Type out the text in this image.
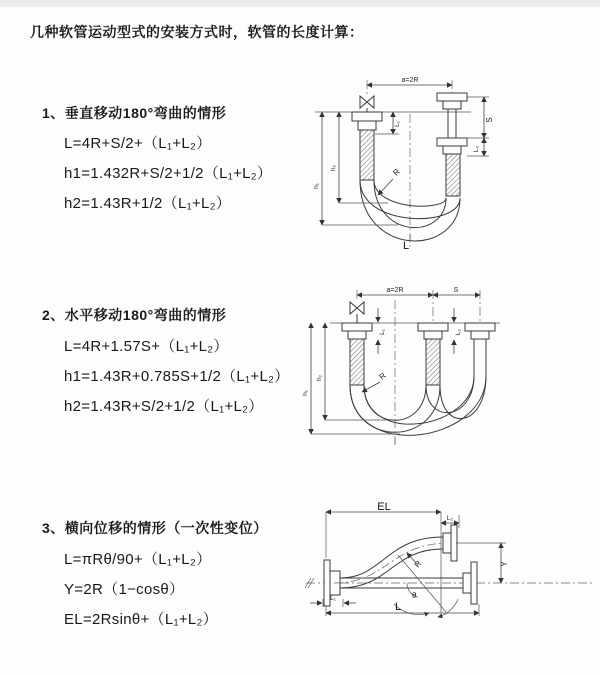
几种软管运动型式的安装方式时，软管的长度计算：
1、垂直移动180°弯曲的情形
L=4R+S/2+（L₁+L₂）
h1=1.432R+S/2+1/2（L₁+L₂）
h2=1.43R+1/2（L₁+L₂）
2、水平移动180°弯曲的情形
L=4R+1.57S+（L₁+L₂）
h1=1.43R+0.785S+1/2（L₁+L₂）
h2=1.43R+S/2+1/2（L₁+L₂）
3、横向位移的情形（一次性变位）
L=πRθ/90+（L₁+L₂）
Y=2R（1−cosθ）
EL=2Rsinθ+（L₁+L₂）
a=2R
S
L₂
L₁
h₁
h₂	R
L
a=2R	S
L₁	L₂
h₁
h₂	R
θ
EL
L₂
Y
L
L₁
R
